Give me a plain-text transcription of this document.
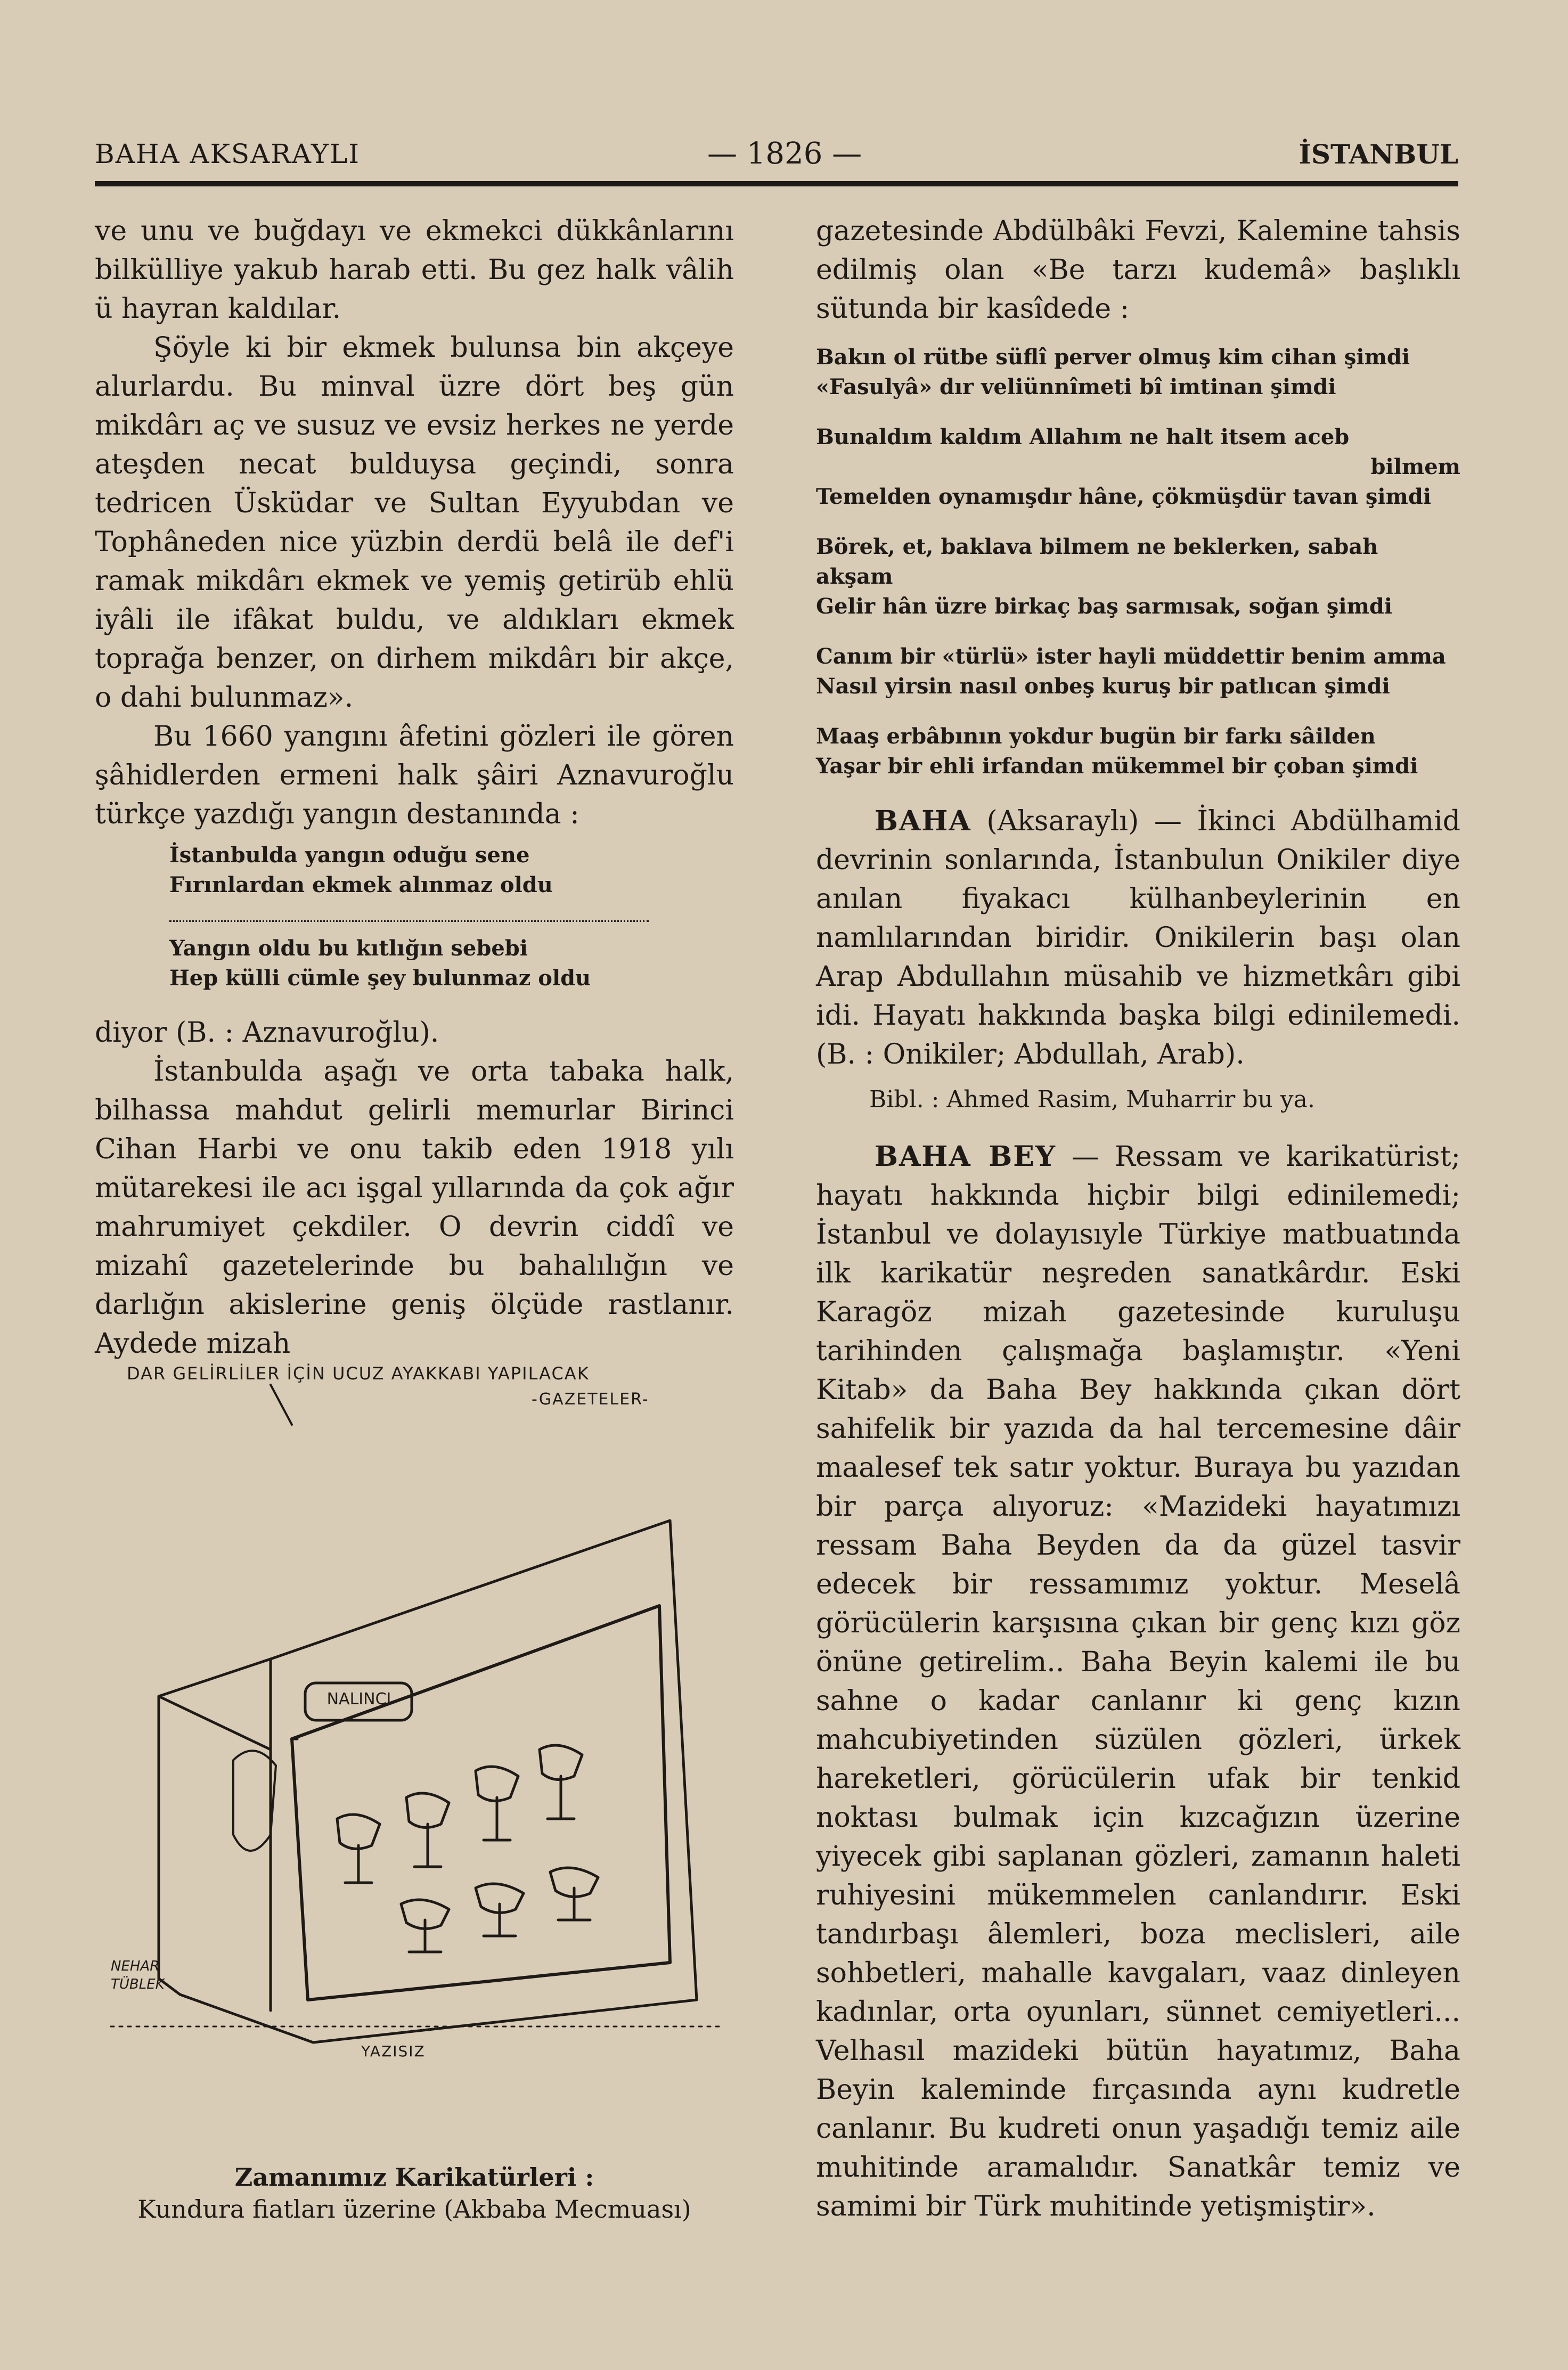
BAHA AKSARAYLI	— 1826 —	İSTANBUL

ve unu ve buğdayı ve ekmekci dükkânlarını bilkülliye yakub harab etti. Bu gez halk vâlih ü hayran kaldılar.

Şöyle ki bir ekmek bulunsa bin akçeye alurlardu. Bu minval üzre dört beş gün mikdârı aç ve susuz ve evsiz herkes ne yerde ateşden necat bulduysa geçindi, sonra tedricen Üsküdar ve Sultan Eyyubdan ve Tophâneden nice yüzbin derdü belâ ile def'i ramak mikdârı ekmek ve yemiş getirüb ehlü iyâli ile ifâkat buldu, ve aldıkları ekmek toprağa benzer, on dirhem mikdârı bir akçe, o dahi bulunmaz».

Bu 1660 yangını âfetini gözleri ile gören şâhidlerden ermeni halk şâiri Aznavuroğlu türkçe yazdığı yangın destanında :

İstanbulda yangın oduğu sene
Fırınlardan ekmek alınmaz oldu
Yangın oldu bu kıtlığın sebebi
Hep külli cümle şey bulunmaz oldu

diyor (B. : Aznavuroğlu).

İstanbulda aşağı ve orta tabaka halk, bilhassa mahdut gelirli memurlar Birinci Cihan Harbi ve onu takib eden 1918 yılı mütarekesi ile acı işgal yıllarında da çok ağır mahrumiyet çekdiler. O devrin ciddî ve mizahî gazetelerinde bu bahalılığın ve darlığın akislerine geniş ölçüde rastlanır. Aydede mizah

DAR GELİRLİLER İÇİN UCUZ AYAKKABI YAPILACAK
-GAZETELER-
NALINCI
NEHAR
TÜBLEK
YAZISIZ
Zamanımız Karikatürleri :
Kundura fiatları üzerine (Akbaba Mecmuası)

gazetesinde Abdülbâki Fevzi, Kalemine tahsis edilmiş olan «Be tarzı kudemâ» başlıklı sütunda bir kasîdede :

Bakın ol rütbe süflî perver olmuş kim cihan şimdi
«Fasulyâ» dır veliünnîmeti bî imtinan şimdi
Bunaldım kaldım Allahım ne halt itsem aceb
bilmem
Temelden oynamışdır hâne, çökmüşdür tavan şimdi
Börek, et, baklava bilmem ne beklerken, sabah akşam
Gelir hân üzre birkaç baş sarmısak, soğan şimdi
Canım bir «türlü» ister hayli müddettir benim amma
Nasıl yirsin nasıl onbeş kuruş bir patlıcan şimdi
Maaş erbâbının yokdur bugün bir farkı sâilden
Yaşar bir ehli irfandan mükemmel bir çoban şimdi

BAHA (Aksaraylı) — İkinci Abdülhamid devrinin sonlarında, İstanbulun Onikiler diye anılan fiyakacı külhanbeylerinin en namlılarından biridir. Onikilerin başı olan Arap Abdullahın müsahib ve hizmetkârı gibi idi. Hayatı hakkında başka bilgi edinilemedi. (B. : Onikiler; Abdullah, Arab).

Bibl. : Ahmed Rasim, Muharrir bu ya.

BAHA BEY — Ressam ve karikatürist; hayatı hakkında hiçbir bilgi edinilemedi; İstanbul ve dolayısıyle Türkiye matbuatında ilk karikatür neşreden sanatkârdır. Eski Karagöz mizah gazetesinde kuruluşu tarihinden çalışmağa başlamıştır. «Yeni Kitab» da Baha Bey hakkında çıkan dört sahifelik bir yazıda da hal tercemesine dâir maalesef tek satır yoktur. Buraya bu yazıdan bir parça alıyoruz: «Mazideki hayatımızı ressam Baha Beyden da da güzel tasvir edecek bir ressamımız yoktur. Meselâ görücülerin karşısına çıkan bir genç kızı göz önüne getirelim.. Baha Beyin kalemi ile bu sahne o kadar canlanır ki genç kızın mahcubiyetinden süzülen gözleri, ürkek hareketleri, görücülerin ufak bir tenkid noktası bulmak için kızcağızın üzerine yiyecek gibi saplanan gözleri, zamanın haleti ruhiyesini mükemmelen canlandırır. Eski tandırbaşı âlemleri, boza meclisleri, aile sohbetleri, mahalle kavgaları, vaaz dinleyen kadınlar, orta oyunları, sünnet cemiyetleri... Velhasıl mazideki bütün hayatımız, Baha Beyin kaleminde fırçasında aynı kudretle canlanır. Bu kudreti onun yaşadığı temiz aile muhitinde aramalıdır. Sanatkâr temiz ve samimi bir Türk muhitinde yetişmiştir».
